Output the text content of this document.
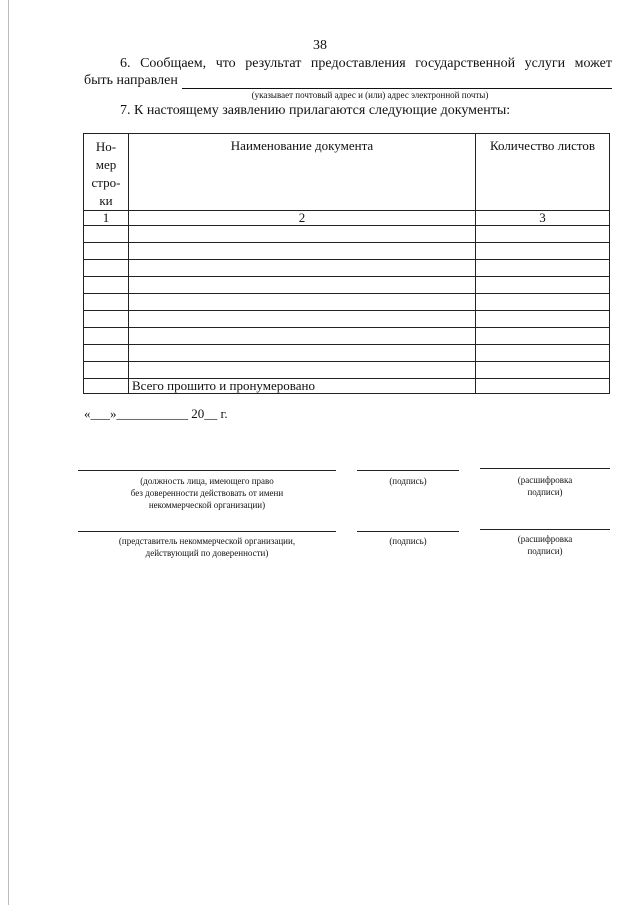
38
6. Сообщаем, что результат предоставления государственной услуги может
быть направлен
(указывает почтовый адрес и (или) адрес электронной почты)
7. К настоящему заявлению прилагаются следующие документы:
Но-
мер
стро-
ки	Наименование документа	Количество листов
1	2	3

	Всего прошито и пронумеровано	
«___»___________ 20__ г.
(должность лица, имеющего право
без доверенности действовать от имени
некоммерческой организации)
(подпись)	(расшифровка
подписи)
(представитель некоммерческой организации,
действующий по доверенности)
(подпись)	(расшифровка
подписи)
